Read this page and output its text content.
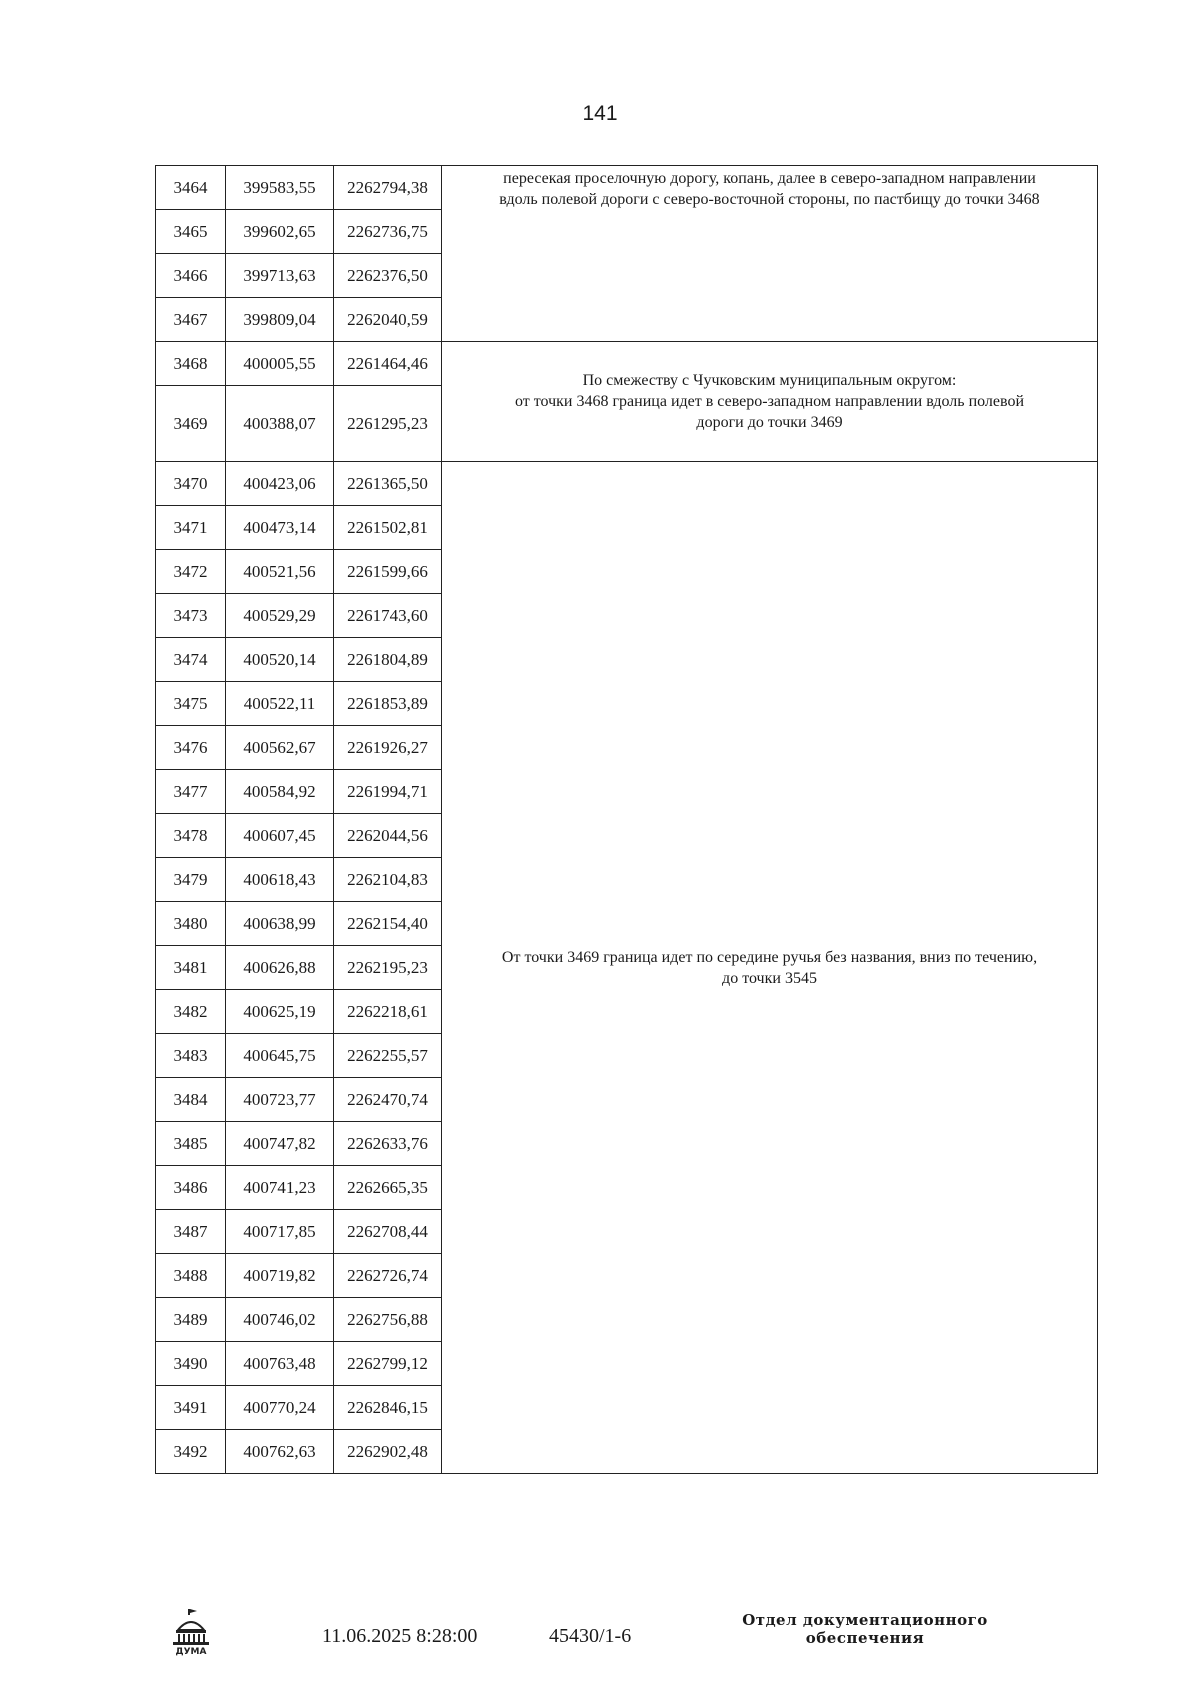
141
3464	399583,55	2262794,38	пересекая проселочную дорогу, копань, далее в северо-западном направлении
вдоль полевой дороги с северо-восточной стороны, по пастбищу до точки 3468

3465	399602,65	2262736,75	
3466	399713,63	2262376,50	
3467	399809,04	2262040,59	
3468	400005,55	2261464,46	По смежеству с Чучковским муниципальным округом:
от точки 3468 граница идет в северо-западном направлении вдоль полевой
дороги до точки 3469

3469	400388,07	2261295,23	
3470	400423,06	2261365,50	От точки 3469 граница идет по середине ручья без названия, вниз по течению,
до точки 3545

3471	400473,14	2261502,81	
3472	400521,56	2261599,66	
3473	400529,29	2261743,60	
3474	400520,14	2261804,89	
3475	400522,11	2261853,89	
3476	400562,67	2261926,27	
3477	400584,92	2261994,71	
3478	400607,45	2262044,56	
3479	400618,43	2262104,83	
3480	400638,99	2262154,40	
3481	400626,88	2262195,23	
3482	400625,19	2262218,61	
3483	400645,75	2262255,57	
3484	400723,77	2262470,74	
3485	400747,82	2262633,76	
3486	400741,23	2262665,35	
3487	400717,85	2262708,44	
3488	400719,82	2262726,74	
3489	400746,02	2262756,88	
3490	400763,48	2262799,12	
3491	400770,24	2262846,15	
3492	400762,63	2262902,48	
ДУМА
11.06.2025 8:28:00	45430/1-6
Отдел документационного
обеспечения
